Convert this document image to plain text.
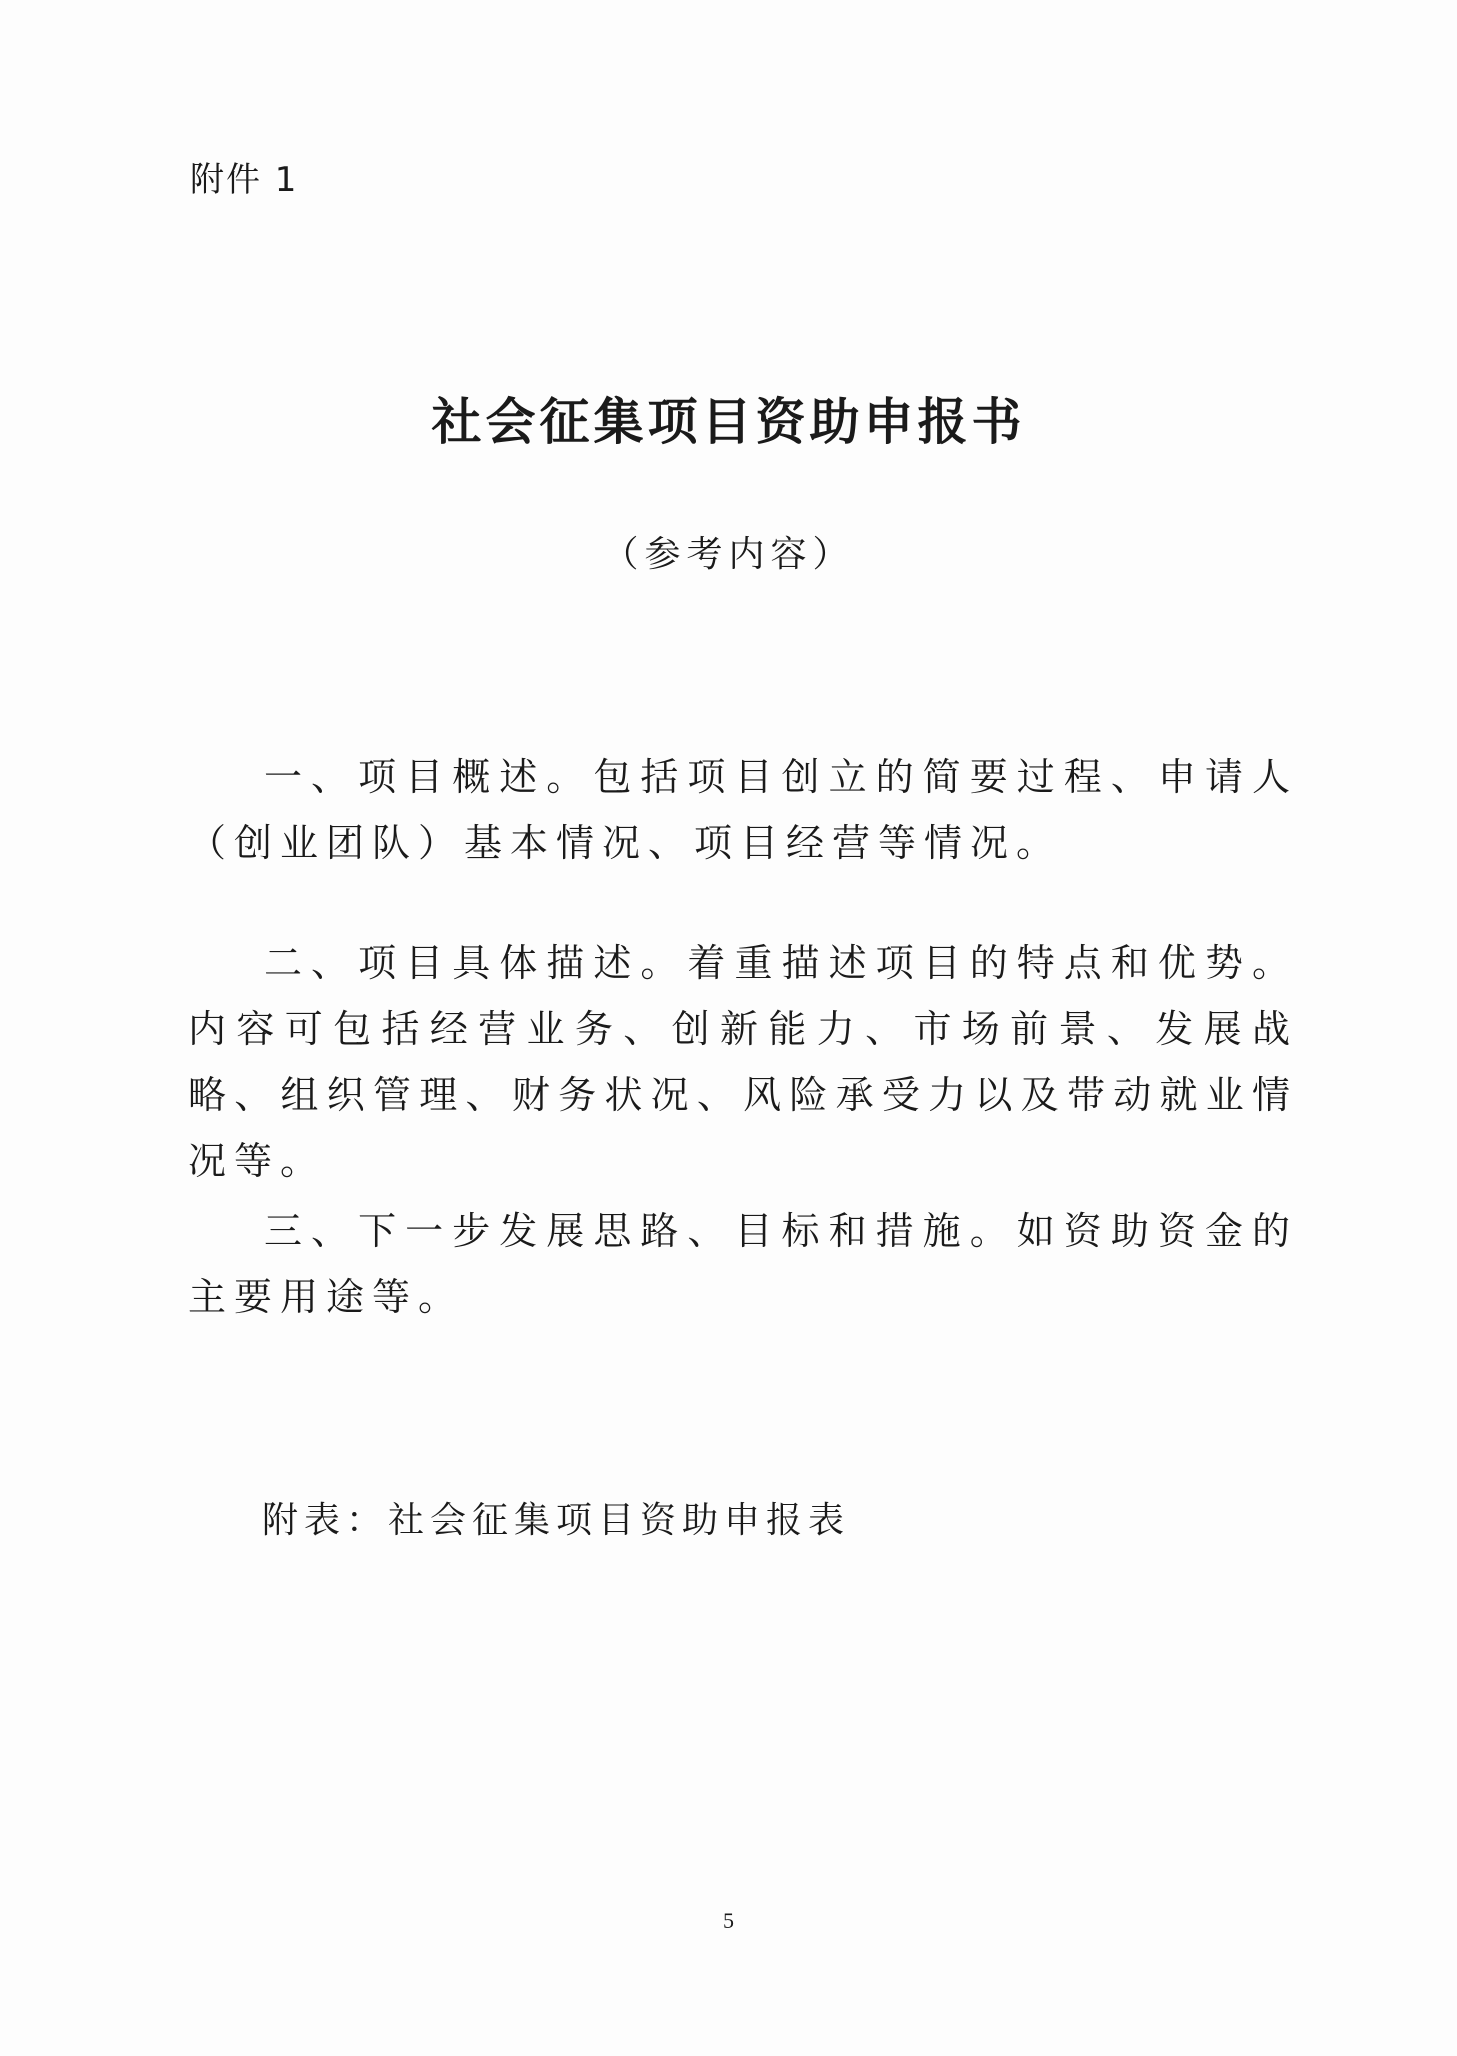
附件 1
社会征集项目资助申报书
（参考内容）

一、项目概述。包括项目创立的简要过程、申请人（创业团队）基本情况、项目经营等情况。

二、项目具体描述。着重描述项目的特点和优势。内容可包括经营业务、创新能力、市场前景、发展战略、组织管理、财务状况、风险承受力以及带动就业情况等。

三、下一步发展思路、目标和措施。如资助资金的主要用途等。

附表：社会征集项目资助申报表
5
